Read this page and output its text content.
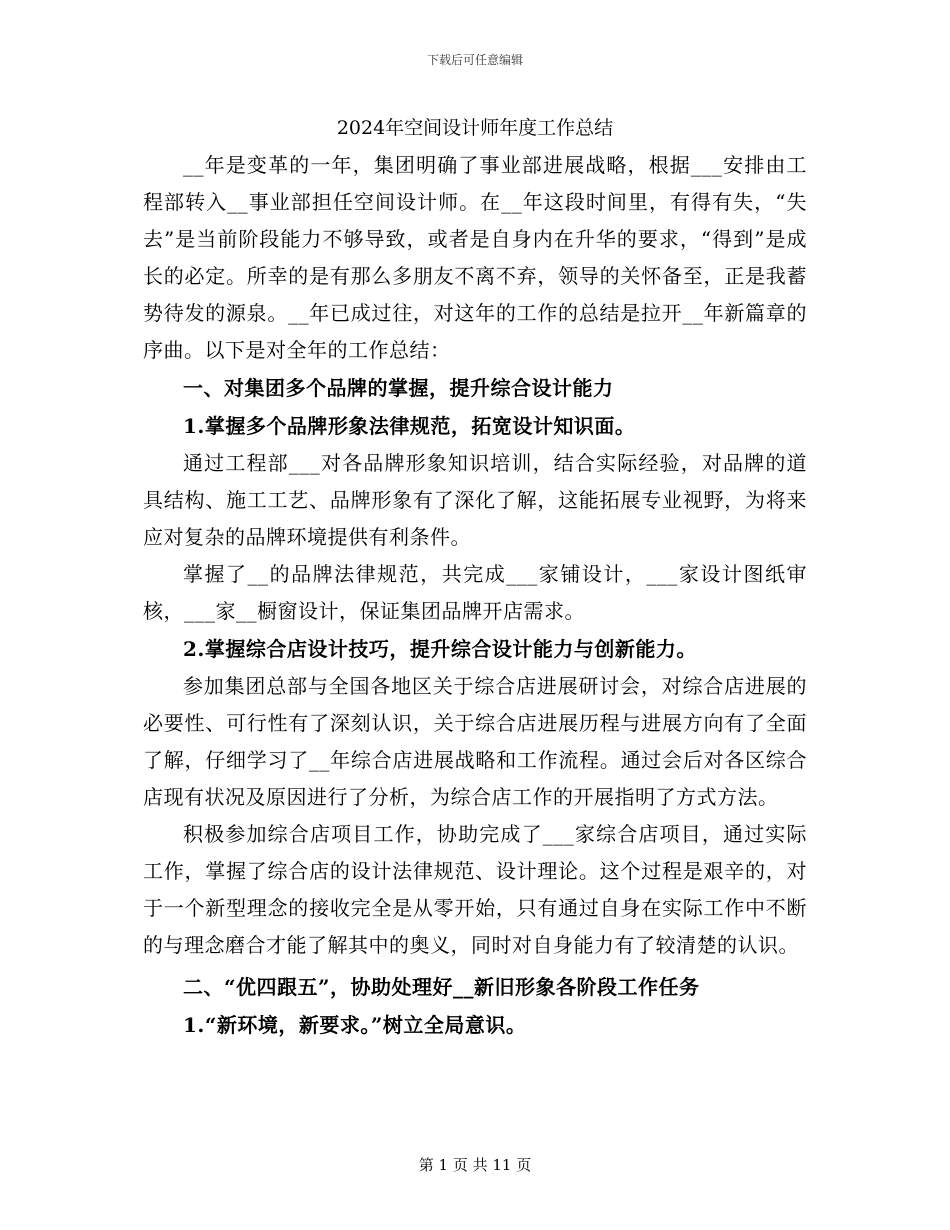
下载后可任意编辑
2024年空间设计师年度工作总结

__年是变革的一年，集团明确了事业部进展战略，根据___安排由工程部转入__事业部担任空间设计师。在__年这段时间里，有得有失，“失去”是当前阶段能力不够导致，或者是自身内在升华的要求，“得到”是成长的必定。所幸的是有那么多朋友不离不弃，领导的关怀备至，正是我蓄势待发的源泉。__年已成过往，对这年的工作的总结是拉开__年新篇章的序曲。以下是对全年的工作总结：

一、对集团多个品牌的掌握，提升综合设计能力

1.掌握多个品牌形象法律规范，拓宽设计知识面。

通过工程部___对各品牌形象知识培训，结合实际经验，对品牌的道具结构、施工工艺、品牌形象有了深化了解，这能拓展专业视野，为将来应对复杂的品牌环境提供有利条件。

掌握了__的品牌法律规范，共完成___家铺设计，___家设计图纸审核，___家__橱窗设计，保证集团品牌开店需求。

2.掌握综合店设计技巧，提升综合设计能力与创新能力。

参加集团总部与全国各地区关于综合店进展研讨会，对综合店进展的必要性、可行性有了深刻认识，关于综合店进展历程与进展方向有了全面了解，仔细学习了__年综合店进展战略和工作流程。通过会后对各区综合店现有状况及原因进行了分析，为综合店工作的开展指明了方式方法。

积极参加综合店项目工作，协助完成了___家综合店项目，通过实际工作，掌握了综合店的设计法律规范、设计理论。这个过程是艰辛的，对于一个新型理念的接收完全是从零开始，只有通过自身在实际工作中不断的与理念磨合才能了解其中的奥义，同时对自身能力有了较清楚的认识。

二、“优四跟五”，协助处理好__新旧形象各阶段工作任务

1.“新环境，新要求。”树立全局意识。

第 1 页 共 11 页
